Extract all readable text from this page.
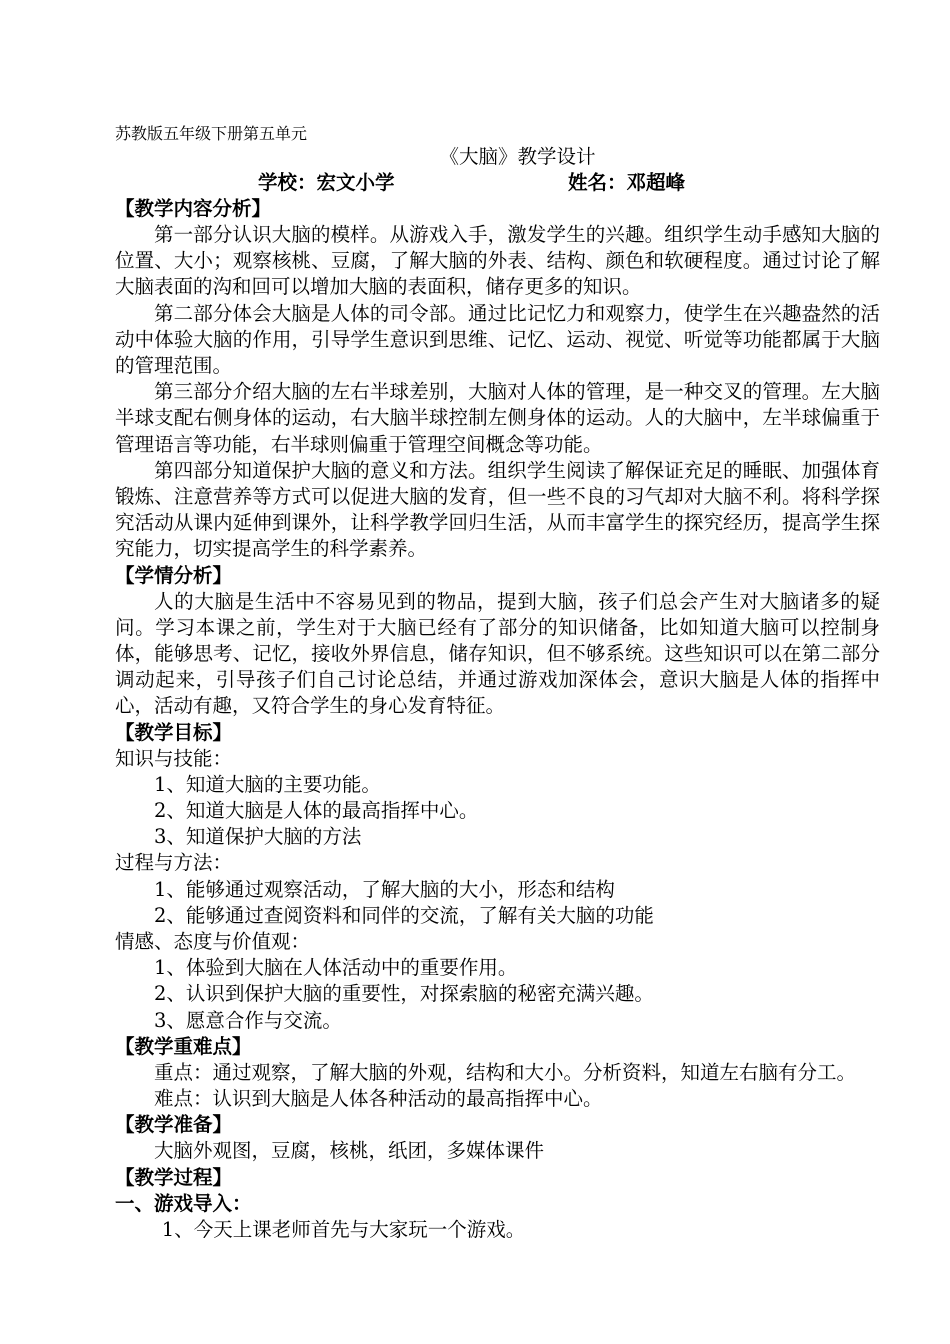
苏教版五年级下册第五单元

《大脑》教学设计

学校：宏文小学	姓名：邓超峰

【教学内容分析】

第一部分认识大脑的模样。从游戏入手，激发学生的兴趣。组织学生动手感知大脑的位置、大小；观察核桃、豆腐，了解大脑的外表、结构、颜色和软硬程度。通过讨论了解大脑表面的沟和回可以增加大脑的表面积，储存更多的知识。

第二部分体会大脑是人体的司令部。通过比记忆力和观察力，使学生在兴趣盎然的活动中体验大脑的作用，引导学生意识到思维、记忆、运动、视觉、听觉等功能都属于大脑的管理范围。

第三部分介绍大脑的左右半球差别，大脑对人体的管理，是一种交叉的管理。左大脑半球支配右侧身体的运动，右大脑半球控制左侧身体的运动。人的大脑中，左半球偏重于管理语言等功能，右半球则偏重于管理空间概念等功能。

第四部分知道保护大脑的意义和方法。组织学生阅读了解保证充足的睡眠、加强体育锻炼、注意营养等方式可以促进大脑的发育，但一些不良的习气却对大脑不利。将科学探究活动从课内延伸到课外，让科学教学回归生活，从而丰富学生的探究经历，提高学生探究能力，切实提高学生的科学素养。

【学情分析】

人的大脑是生活中不容易见到的物品，提到大脑，孩子们总会产生对大脑诸多的疑问。学习本课之前，学生对于大脑已经有了部分的知识储备，比如知道大脑可以控制身体，能够思考、记忆，接收外界信息，储存知识，但不够系统。这些知识可以在第二部分调动起来，引导孩子们自己讨论总结，并通过游戏加深体会，意识大脑是人体的指挥中心，活动有趣，又符合学生的身心发育特征。

【教学目标】

知识与技能：

1、知道大脑的主要功能。

2、知道大脑是人体的最高指挥中心。

3、知道保护大脑的方法

过程与方法：

1、能够通过观察活动，了解大脑的大小，形态和结构

2、能够通过查阅资料和同伴的交流，了解有关大脑的功能

情感、态度与价值观：

1、体验到大脑在人体活动中的重要作用。

2、认识到保护大脑的重要性，对探索脑的秘密充满兴趣。

3、愿意合作与交流。

【教学重难点】

重点：通过观察，了解大脑的外观，结构和大小。分析资料，知道左右脑有分工。

难点：认识到大脑是人体各种活动的最高指挥中心。

【教学准备】

大脑外观图，豆腐，核桃，纸团，多媒体课件

【教学过程】

一、游戏导入：

1、今天上课老师首先与大家玩一个游戏。
